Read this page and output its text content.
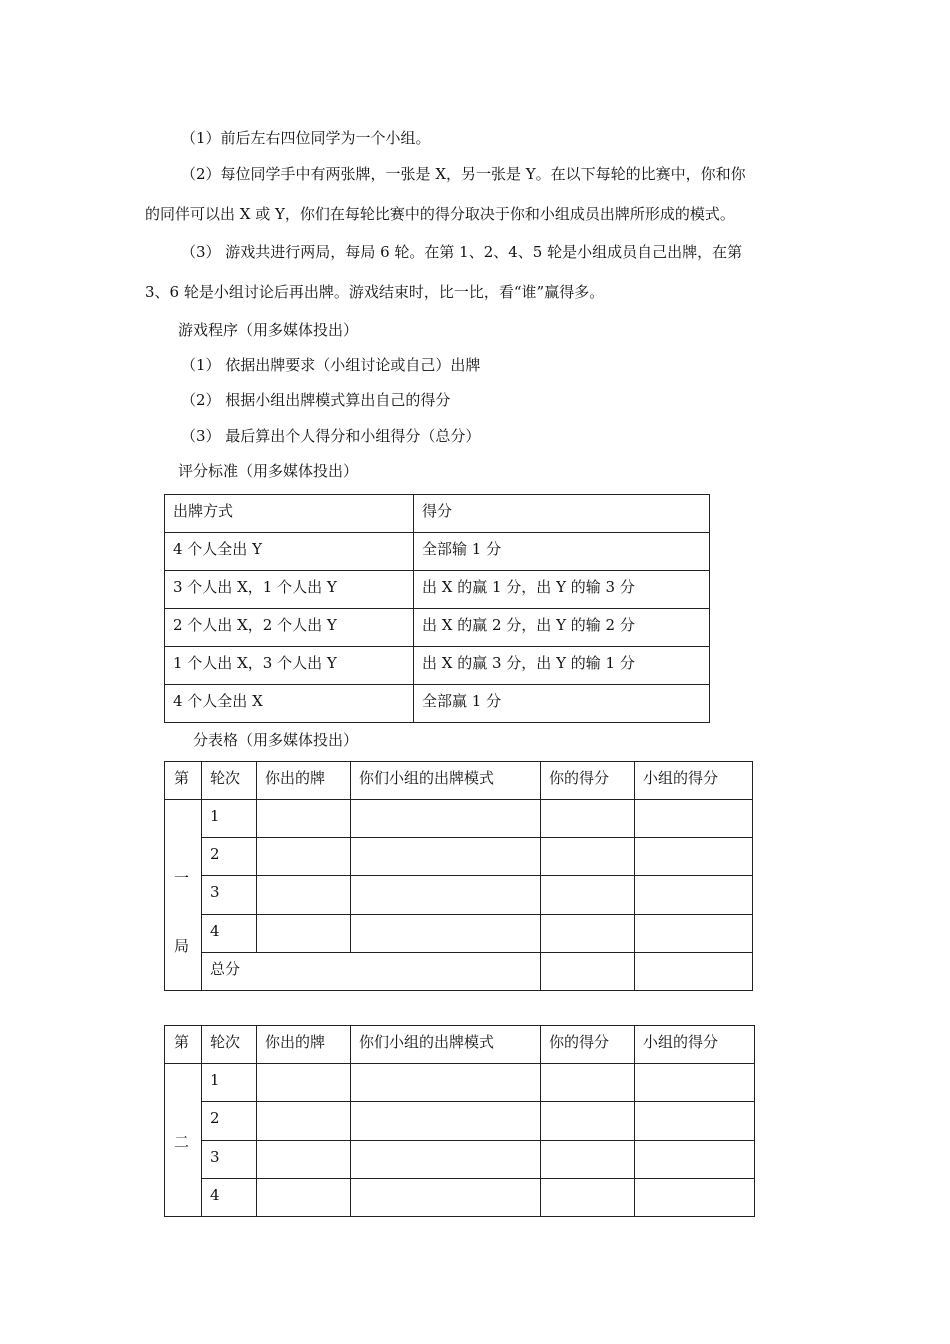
（1）前后左右四位同学为一个小组。
（2）每位同学手中有两张牌，一张是 X，另一张是 Y。在以下每轮的比赛中，你和你
的同伴可以出 X 或 Y，你们在每轮比赛中的得分取决于你和小组成员出牌所形成的模式。
（3） 游戏共进行两局，每局 6 轮。在第 1、2、4、5 轮是小组成员自己出牌，在第
3、6 轮是小组讨论后再出牌。游戏结束时，比一比，看“谁”赢得多。
游戏程序（用多媒体投出）
（1） 依据出牌要求（小组讨论或自己）出牌
（2） 根据小组出牌模式算出自己的得分
（3） 最后算出个人得分和小组得分（总分）
评分标准（用多媒体投出）
出牌方式	得分

4 个人全出 Y	全部输 1 分

3 个人出 X，1 个人出 Y	出 X 的赢 1 分，出 Y 的输 3 分

2 个人出 X，2 个人出 Y	出 X 的赢 2 分，出 Y 的输 2 分

1 个人出 X，3 个人出 Y	出 X 的赢 3 分，出 Y 的输 1 分

4 个人全出 X	全部赢 1 分
分表格（用多媒体投出）
第	轮次	你出的牌	你们小组的出牌模式	你的得分	小组的得分

一
局	1				

	2				

	3				

	4				

	总分				

第	轮次	你出的牌	你们小组的出牌模式	你的得分	小组的得分

二	1				

	2				

	3				

	4				
